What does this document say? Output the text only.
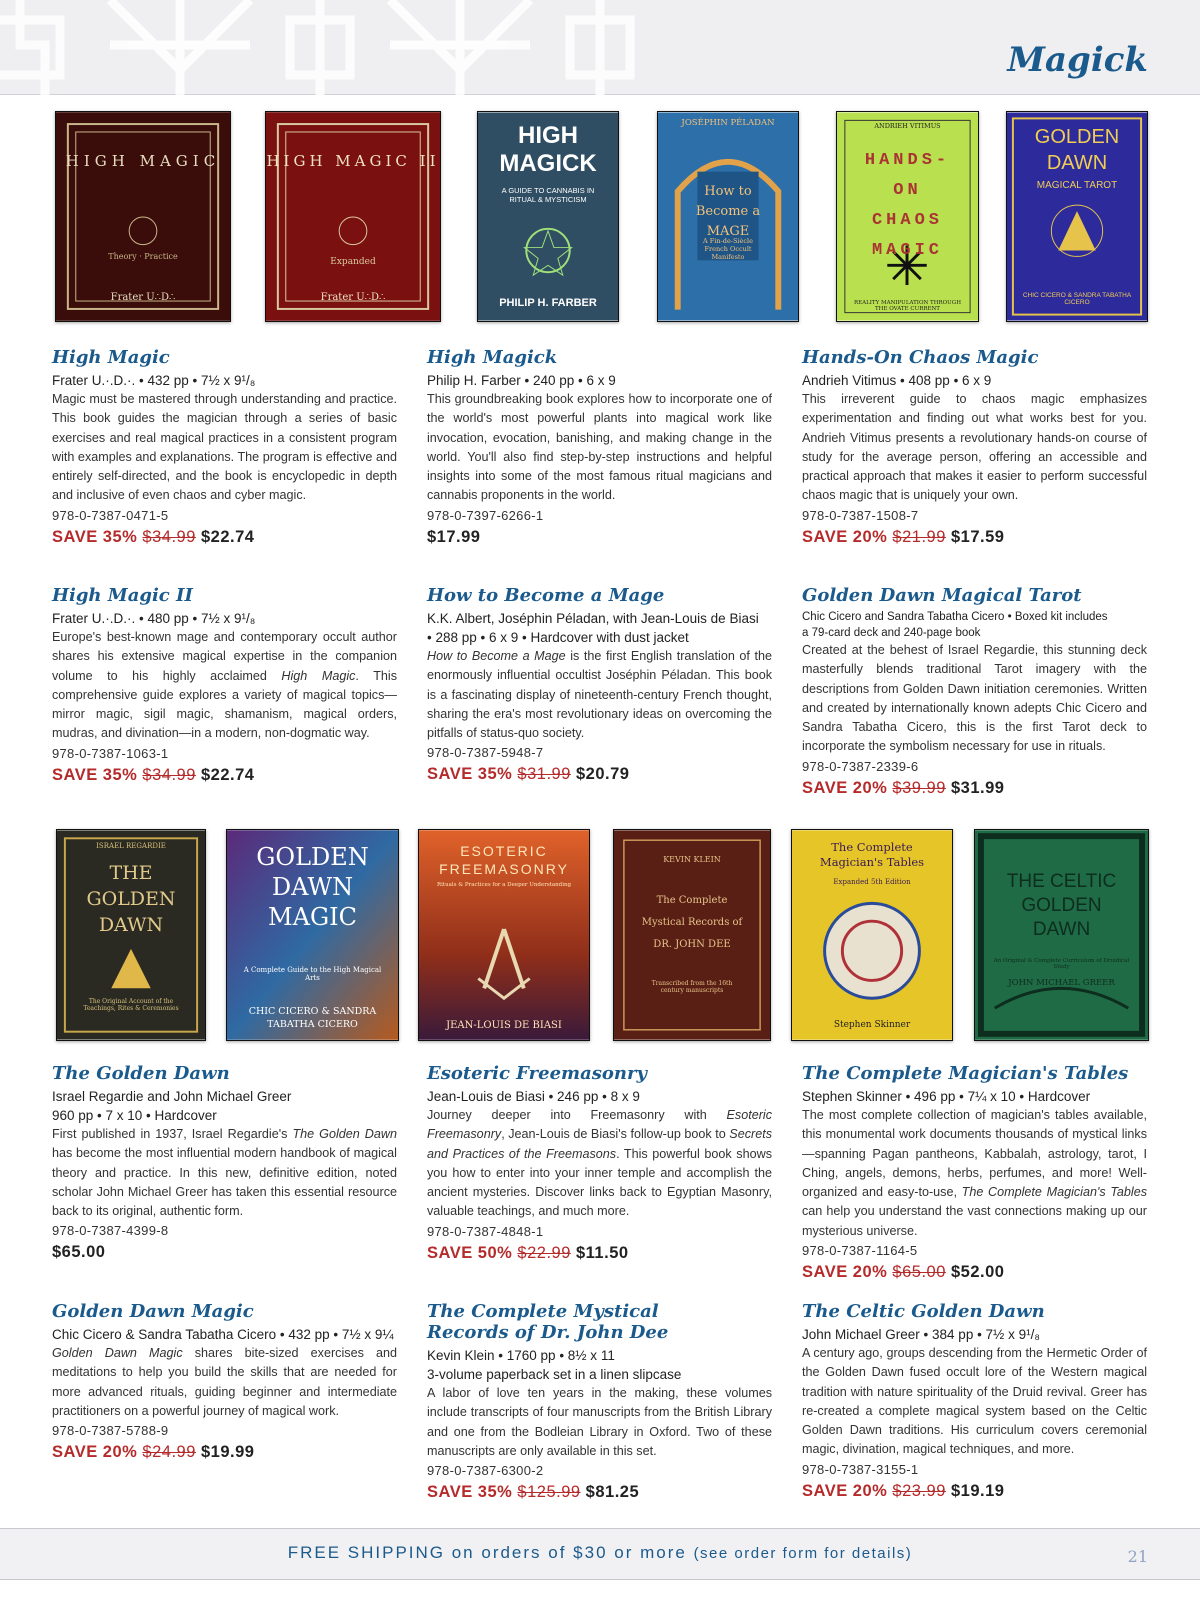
Magick
HIGH MAGIC
Theory · Practice
Frater U∴D∴
HIGH MAGIC II
Expanded
Frater U∴D∴
HIGH MAGICK
A GUIDE TO CANNABIS IN RITUAL & MYSTICISM
PHILIP H. FARBER
JOSÉPHIN PÉLADAN
How to Become a MAGE
A Fin-de-Siècle French Occult Manifesto
ANDRIEH VITIMUS
HANDS-ON CHAOS MAGIC
REALITY MANIPULATION THROUGH THE OVATE CURRENT
GOLDEN DAWN
MAGICAL TAROT
CHIC CICERO & SANDRA TABATHA CICERO
High Magic
Frater U.·.D.·. • 432 pp • 7½ x 9¹/₈
Magic must be mastered through understanding and practice. This book guides the magician through a series of basic exercises and real magical practices in a consistent program with examples and explanations. The program is effective and entirely self-directed, and the book is encyclopedic in depth and inclusive of even chaos and cyber magic.
978-0-7387-0471-5
SAVE 35% $34.99 $22.74
High Magick
Philip H. Farber • 240 pp • 6 x 9
This groundbreaking book explores how to incorporate one of the world's most powerful plants into magical work like invocation, evocation, banishing, and making change in the world. You'll also find step-by-step instructions and helpful insights into some of the most famous ritual magicians and cannabis proponents in the world.
978-0-7397-6266-1
$17.99
Hands-On Chaos Magic
Andrieh Vitimus • 408 pp • 6 x 9
This irreverent guide to chaos magic emphasizes experimentation and finding out what works best for you. Andrieh Vitimus presents a revolutionary hands-on course of study for the average person, offering an accessible and practical approach that makes it easier to perform successful chaos magic that is uniquely your own.
978-0-7387-1508-7
SAVE 20% $21.99 $17.59
High Magic II
Frater U.·.D.·. • 480 pp • 7½ x 9¹/₈
Europe's best-known mage and contemporary occult author shares his extensive magical expertise in the companion volume to his highly acclaimed High Magic. This comprehensive guide explores a variety of magical topics—mirror magic, sigil magic, shamanism, magical orders, mudras, and divination—in a modern, non-dogmatic way.
978-0-7387-1063-1
SAVE 35% $34.99 $22.74
How to Become a Mage
K.K. Albert, Joséphin Péladan, with Jean-Louis de Biasi
• 288 pp • 6 x 9 • Hardcover with dust jacket
How to Become a Mage is the first English translation of the enormously influential occultist Joséphin Péladan. This book is a fascinating display of nineteenth-century French thought, sharing the era's most revolutionary ideas on overcoming the pitfalls of status-quo society.
978-0-7387-5948-7
SAVE 35% $31.99 $20.79
Golden Dawn Magical Tarot
Chic Cicero and Sandra Tabatha Cicero • Boxed kit includes
a 79-card deck and 240-page book
Created at the behest of Israel Regardie, this stunning deck masterfully blends traditional Tarot imagery with the descriptions from Golden Dawn initiation ceremonies. Written and created by internationally known adepts Chic Cicero and Sandra Tabatha Cicero, this is the first Tarot deck to incorporate the symbolism necessary for use in rituals.
978-0-7387-2339-6
SAVE 20% $39.99 $31.99
ISRAEL REGARDIE
THE GOLDEN DAWN
The Original Account of the Teachings, Rites & Ceremonies
GOLDEN DAWN MAGIC
A Complete Guide to the High Magical Arts
CHIC CICERO & SANDRA TABATHA CICERO
ESOTERIC FREEMASONRY
Rituals & Practices for a Deeper Understanding
JEAN-LOUIS DE BIASI
KEVIN KLEIN
The Complete Mystical Records of DR. JOHN DEE
Transcribed from the 16th century manuscripts
The Complete Magician's Tables
Expanded 5th Edition
Stephen Skinner
THE CELTIC GOLDEN DAWN
An Original & Complete Curriculum of Druidical Study
JOHN MICHAEL GREER
The Golden Dawn
Israel Regardie and John Michael Greer
960 pp • 7 x 10 • Hardcover
First published in 1937, Israel Regardie's The Golden Dawn has become the most influential modern handbook of magical theory and practice. In this new, definitive edition, noted scholar John Michael Greer has taken this essential resource back to its original, authentic form.
978-0-7387-4399-8
$65.00
Esoteric Freemasonry
Jean-Louis de Biasi • 246 pp • 8 x 9
Journey deeper into Freemasonry with Esoteric Freemasonry, Jean-Louis de Biasi's follow-up book to Secrets and Practices of the Freemasons. This powerful book shows you how to enter into your inner temple and accomplish the ancient mysteries. Discover links back to Egyptian Masonry, valuable teachings, and much more.
978-0-7387-4848-1
SAVE 50% $22.99 $11.50
The Complete Magician's Tables
Stephen Skinner • 496 pp • 7¼ x 10 • Hardcover
The most complete collection of magician's tables available, this monumental work documents thousands of mystical links—spanning Pagan pantheons, Kabbalah, astrology, tarot, I Ching, angels, demons, herbs, perfumes, and more! Well-organized and easy-to-use, The Complete Magician's Tables can help you understand the vast connections making up our mysterious universe.
978-0-7387-1164-5
SAVE 20% $65.00 $52.00
Golden Dawn Magic
Chic Cicero & Sandra Tabatha Cicero • 432 pp • 7½ x 9¼
Golden Dawn Magic shares bite-sized exercises and meditations to help you build the skills that are needed for more advanced rituals, guiding beginner and intermediate practitioners on a powerful journey of magical work.
978-0-7387-5788-9
SAVE 20% $24.99 $19.99
The Complete Mystical
Records of Dr. John Dee
Kevin Klein • 1760 pp • 8½ x 11
3-volume paperback set in a linen slipcase
A labor of love ten years in the making, these volumes include transcripts of four manuscripts from the British Library and one from the Bodleian Library in Oxford. Two of these manuscripts are only available in this set.
978-0-7387-6300-2
SAVE 35% $125.99 $81.25
The Celtic Golden Dawn
John Michael Greer • 384 pp • 7½ x 9¹/₈
A century ago, groups descending from the Hermetic Order of the Golden Dawn fused occult lore of the Western magical tradition with nature spirituality of the Druid revival. Greer has re-created a complete magical system based on the Celtic Golden Dawn traditions. His curriculum covers ceremonial magic, divination, magical techniques, and more.
978-0-7387-3155-1
SAVE 20% $23.99 $19.19
FREE SHIPPING on orders of $30 or more (see order form for details)	21
